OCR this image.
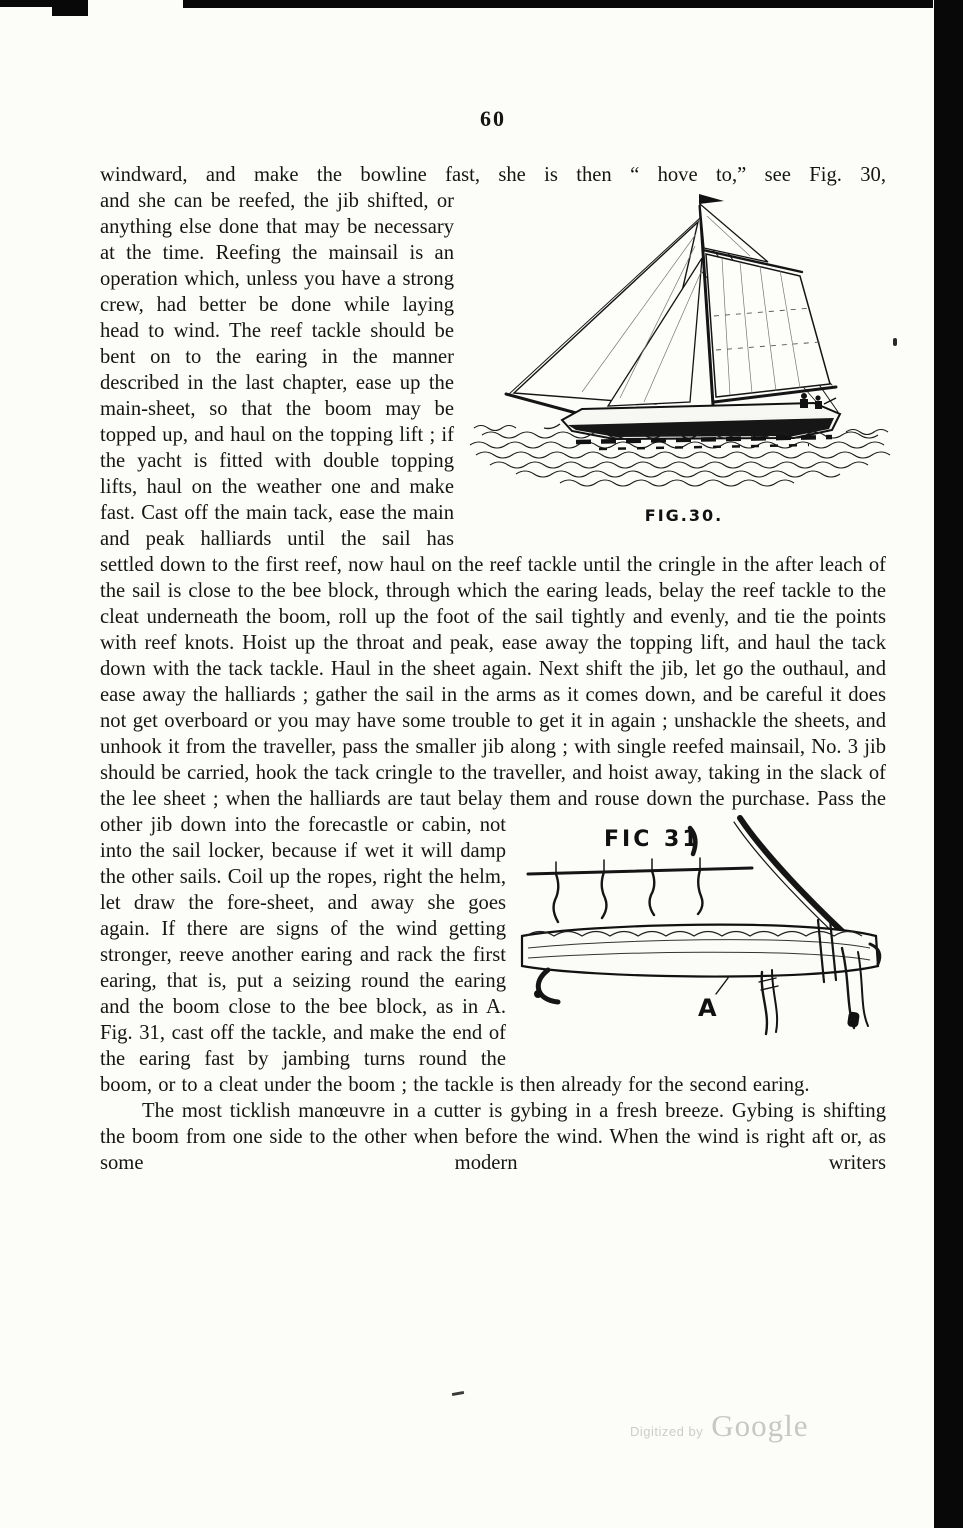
60

windward, and make the bowline fast, she is then “ hove to,” see Fig. 30,

FIG.30.
and she can be reefed, the jib shifted, or anything else done that may be necessary at the time. Reefing the mainsail is an operation which, unless you have a strong crew, had better be done while laying head to wind. The reef tackle should be bent on to the earing in the manner described in the last chapter, ease up the main-sheet, so that the boom may be topped up, and haul on the topping lift ; if the yacht is fitted with double topping lifts, haul on the weather one and make fast. Cast off the main tack, ease the main and peak halliards until the sail has settled down to the first reef, now haul on the reef tackle until the cringle in the after leach of the sail is close to the bee block, through which the earing leads, belay the reef tackle to the cleat underneath the boom, roll up the foot of the sail tightly and evenly, and tie the points with reef knots. Hoist up the throat and peak, ease away the topping lift, and haul the tack down with the tack tackle. Haul in the sheet again. Next shift the jib, let go the outhaul, and ease away the halliards ; gather the sail in the arms as it comes down, and be careful it does not get overboard or you may have some trouble to get it in again ; unshackle the sheets, and unhook it from the traveller, pass the smaller jib along ; with single reefed mainsail, No. 3 jib should be carried, hook the tack cringle to the traveller, and hoist away, taking in the slack of the lee sheet ; when the halliards are taut belay them and rouse down the purchase. Pass the other jib down into
FIC 31
A
the forecastle or cabin, not into the sail locker, because if wet it will damp the other sails. Coil up the ropes, right the helm, let draw the fore-sheet, and away she goes again. If there are signs of the wind getting stronger, reeve another earing and rack the first earing, that is, put a seizing round the earing and the boom close to the bee block, as in A. Fig. 31, cast off the tackle, and make the end of the earing fast by jambing turns round the boom, or to a cleat under the boom ; the tackle is then already for the second earing.

The most ticklish manœuvre in a cutter is gybing in a fresh breeze. Gybing is shifting the boom from one side to the other when before the wind. When the wind is right aft or, as some modern writers

Digitized by Google
